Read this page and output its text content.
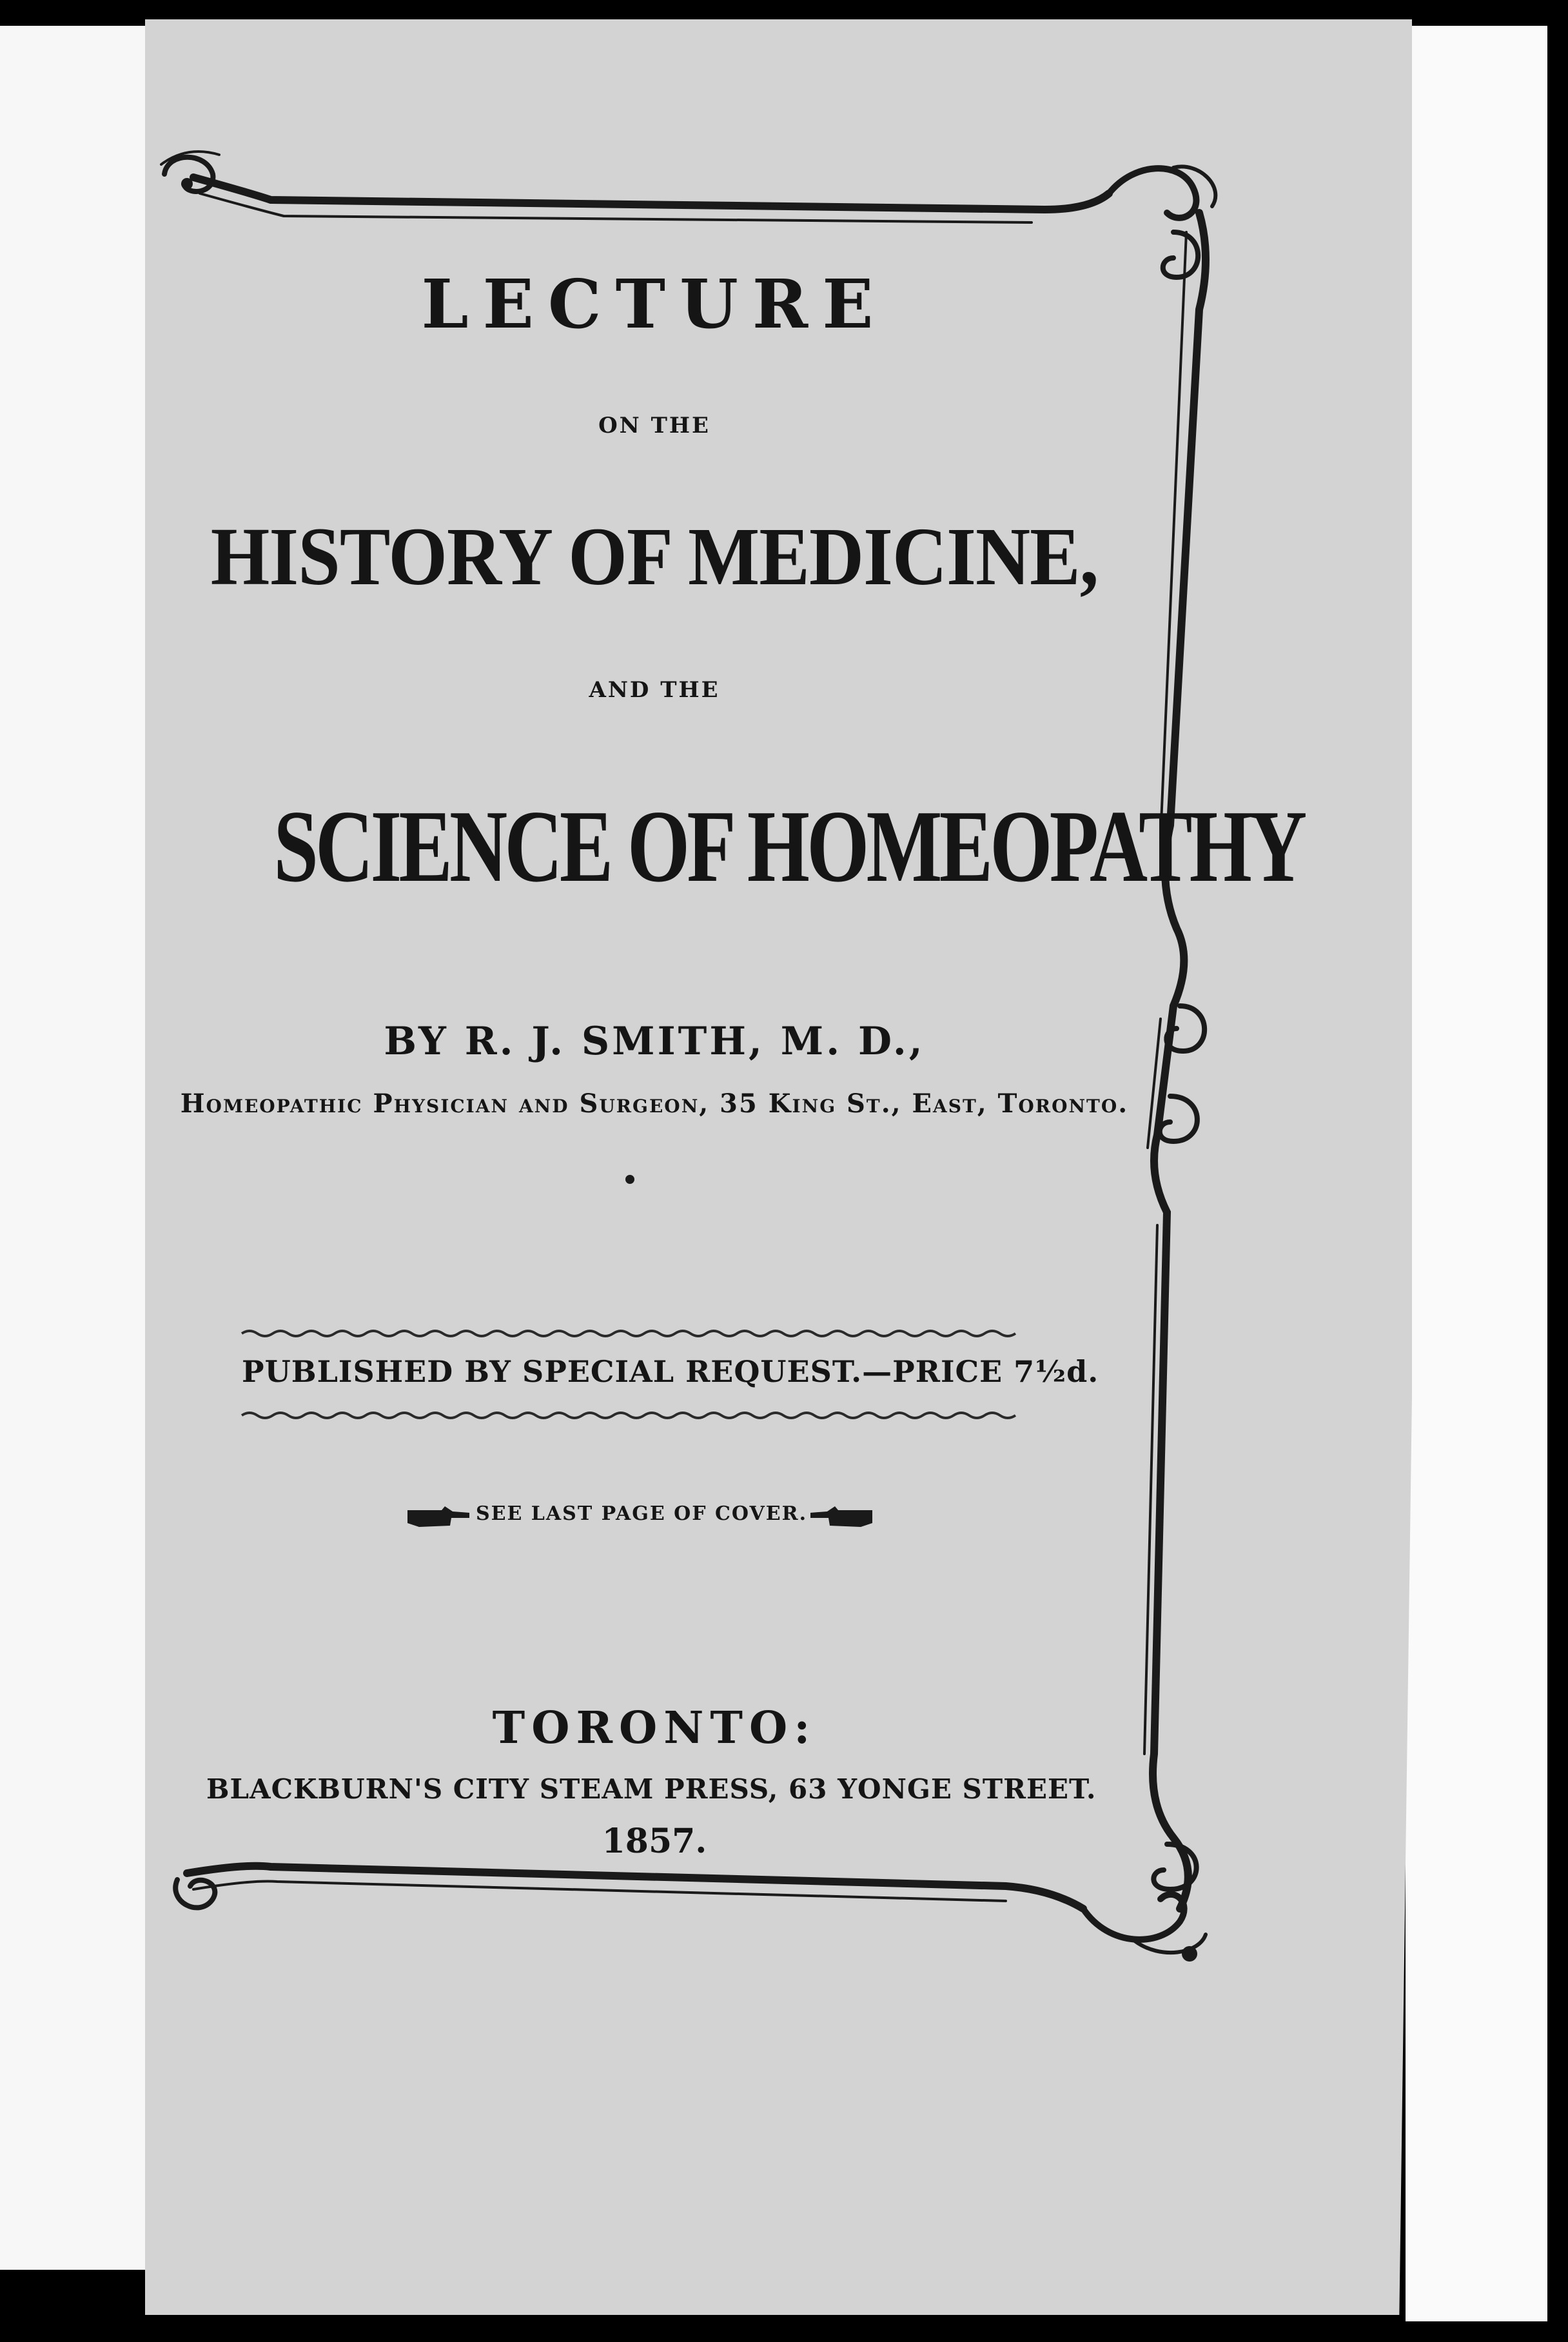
LECTURE
ON THE
HISTORY OF MEDICINE,
AND THE
SCIENCE OF HOMEOPATHY
BY R. J. SMITH, M. D.,
Homeopathic Physician and Surgeon, 35 King St., East, Toronto.
PUBLISHED BY SPECIAL REQUEST.—PRICE 7½d.
SEE LAST PAGE OF COVER.
TORONTO:
BLACKBURN'S CITY STEAM PRESS, 63 YONGE STREET.
1857.
